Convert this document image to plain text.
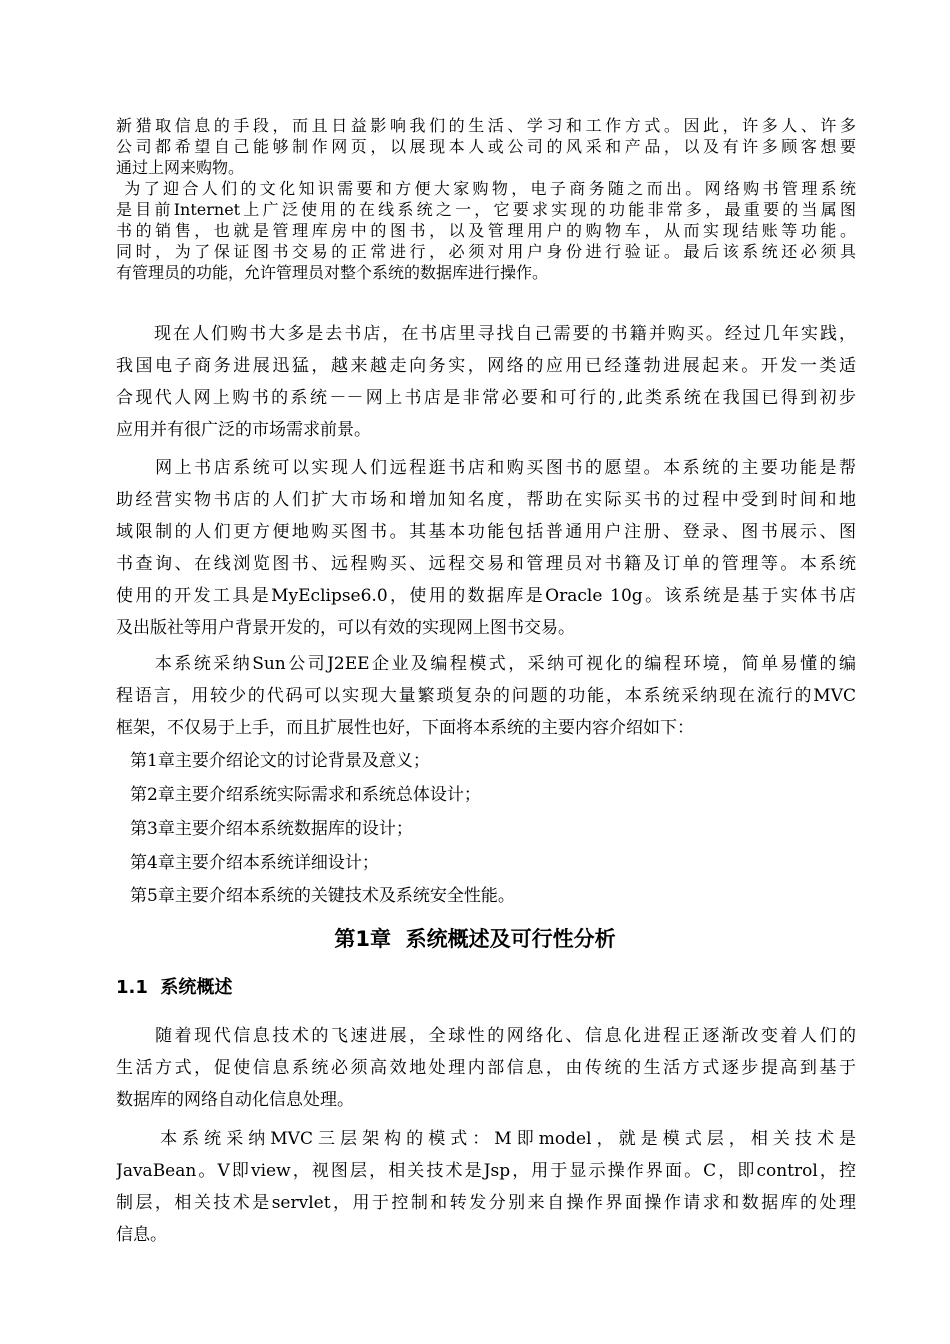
新猎取信息的手段，而且日益影响我们的生活、学习和工作方式。因此，许多人、许多
公司都希望自己能够制作网页，以展现本人或公司的风采和产品，以及有许多顾客想要
通过上网来购物。
为了迎合人们的文化知识需要和方便大家购物，电子商务随之而出。网络购书管理系统
是目前Internet上广泛使用的在线系统之一，它要求实现的功能非常多，最重要的当属图
书的销售，也就是管理库房中的图书，以及管理用户的购物车，从而实现结账等功能。
同时，为了保证图书交易的正常进行，必须对用户身份进行验证。最后该系统还必须具
有管理员的功能，允许管理员对整个系统的数据库进行操作。
　　现在人们购书大多是去书店，在书店里寻找自己需要的书籍并购买。经过几年实践，
我国电子商务进展迅猛，越来越走向务实，网络的应用已经蓬勃进展起来。开发一类适
合现代人网上购书的系统－－网上书店是非常必要和可行的,此类系统在我国已得到初步
应用并有很广泛的市场需求前景。
　　网上书店系统可以实现人们远程逛书店和购买图书的愿望。本系统的主要功能是帮
助经营实物书店的人们扩大市场和增加知名度，帮助在实际买书的过程中受到时间和地
域限制的人们更方便地购买图书。其基本功能包括普通用户注册、登录、图书展示、图
书查询、在线浏览图书、远程购买、远程交易和管理员对书籍及订单的管理等。本系统
使用的开发工具是MyEclipse6.0，使用的数据库是Oracle 10g。该系统是基于实体书店
及出版社等用户背景开发的，可以有效的实现网上图书交易。
　　本系统采纳Sun公司J2EE企业及编程模式，采纳可视化的编程环境，简单易懂的编
程语言，用较少的代码可以实现大量繁琐复杂的问题的功能，本系统采纳现在流行的MVC
框架，不仅易于上手，而且扩展性也好，下面将本系统的主要内容介绍如下：
第1章主要介绍论文的讨论背景及意义；
第2章主要介绍系统实际需求和系统总体设计；
第3章主要介绍本系统数据库的设计；
第4章主要介绍本系统详细设计；
第5章主要介绍本系统的关键技术及系统安全性能。
第1章  系统概述及可行性分析
1.1  系统概述
　　随着现代信息技术的飞速进展，全球性的网络化、信息化进程正逐渐改变着人们的
生活方式，促使信息系统必须高效地处理内部信息，由传统的生活方式逐步提高到基于
数据库的网络自动化信息处理。
　　本系统采纳MVC三层架构的模式：M即model，就是模式层，相关技术是
JavaBean。V即view，视图层，相关技术是Jsp，用于显示操作界面。C，即control，控
制层，相关技术是servlet，用于控制和转发分别来自操作界面操作请求和数据库的处理
信息。
